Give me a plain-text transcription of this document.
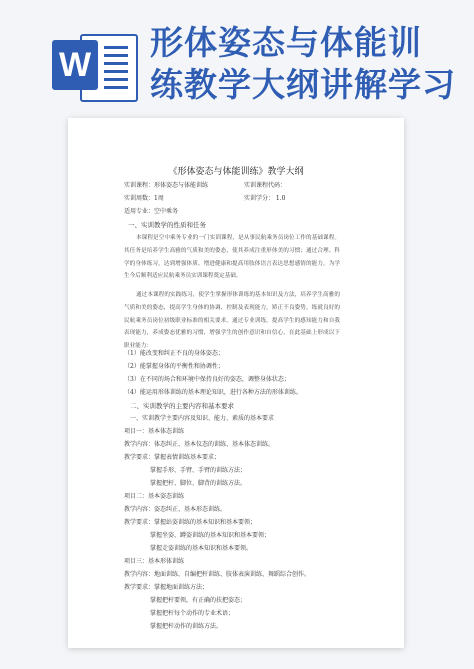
W
形体姿态与体能训
练教学大纲讲解学习
《形体姿态与体能训练》教学大纲
实训课程：形体姿态与体能训练	实训课程代码：
实训周数：1周	实训学分： 1.0
适用专业：空中乘务
一、实训教学的性质和任务
本课程是空中乘务专业的一门实训课程，是从事民航乘务员岗位工作的基础课程。其任务是培养学生高雅的气质和美的姿态，使其养成注重形体美的习惯；通过合理、科学的身体练习，达到增强体质、增进健康和提高用肢体语言表达思想感情的能力，为学生今后顺利适应民航乘务员实训课程奠定基础。
通过本课程的实践练习，使学生掌握形体训练的基本知识及方法，培养学生高雅的气质和美的姿态，提高学生身体的协调、控制及表现能力，矫正不良姿势，练就良好的民航乘务员岗位初级职业标准的相关要求。通过专业训练，提高学生的感知能力和自我表现能力，养成姿态优雅的习惯，增强学生的创作意识和自信心，在此基础上形成以下职业能力：
（1）能改变和纠正不良的身体姿态；
（2）能掌握身体的平衡性和协调性；
（3）在不同的场合和环境中保持良好的姿态，调整身体状态；
（4）能运用形体训练的基本理论知识，进行各种方法的形体训练。
二、实训教学的主要内容和基本要求
一、实训教学主要内容及知识、能力、素质的基本要求
项目一：基本体态训练
教学内容：体态纠正、基本仪态的训练、基本体态训练。
教学要求：掌握表情训练基本要求；
掌握手形、手臂、手臂的训练方法；
掌握把杆、脚位、脚背的训练方法。
项目二：基本姿态训练
教学内容：姿态纠正、基本形态训练。
教学要求：掌握站姿训练的基本知识和基本要领；
掌握坐姿、蹲姿训练的基本知识和基本要领；
掌握走姿训练的基本知识和基本要领。
项目三：基本形体训练
教学内容：地面训练、自编把杆训练、肢体表演训练、舞蹈综合创作。
教学要求：掌握地面训练方法；
掌握把杆要领，有正确的扶把姿态；
掌握把杆每个动作的专业术语；
掌握把杆动作的训练方法。
